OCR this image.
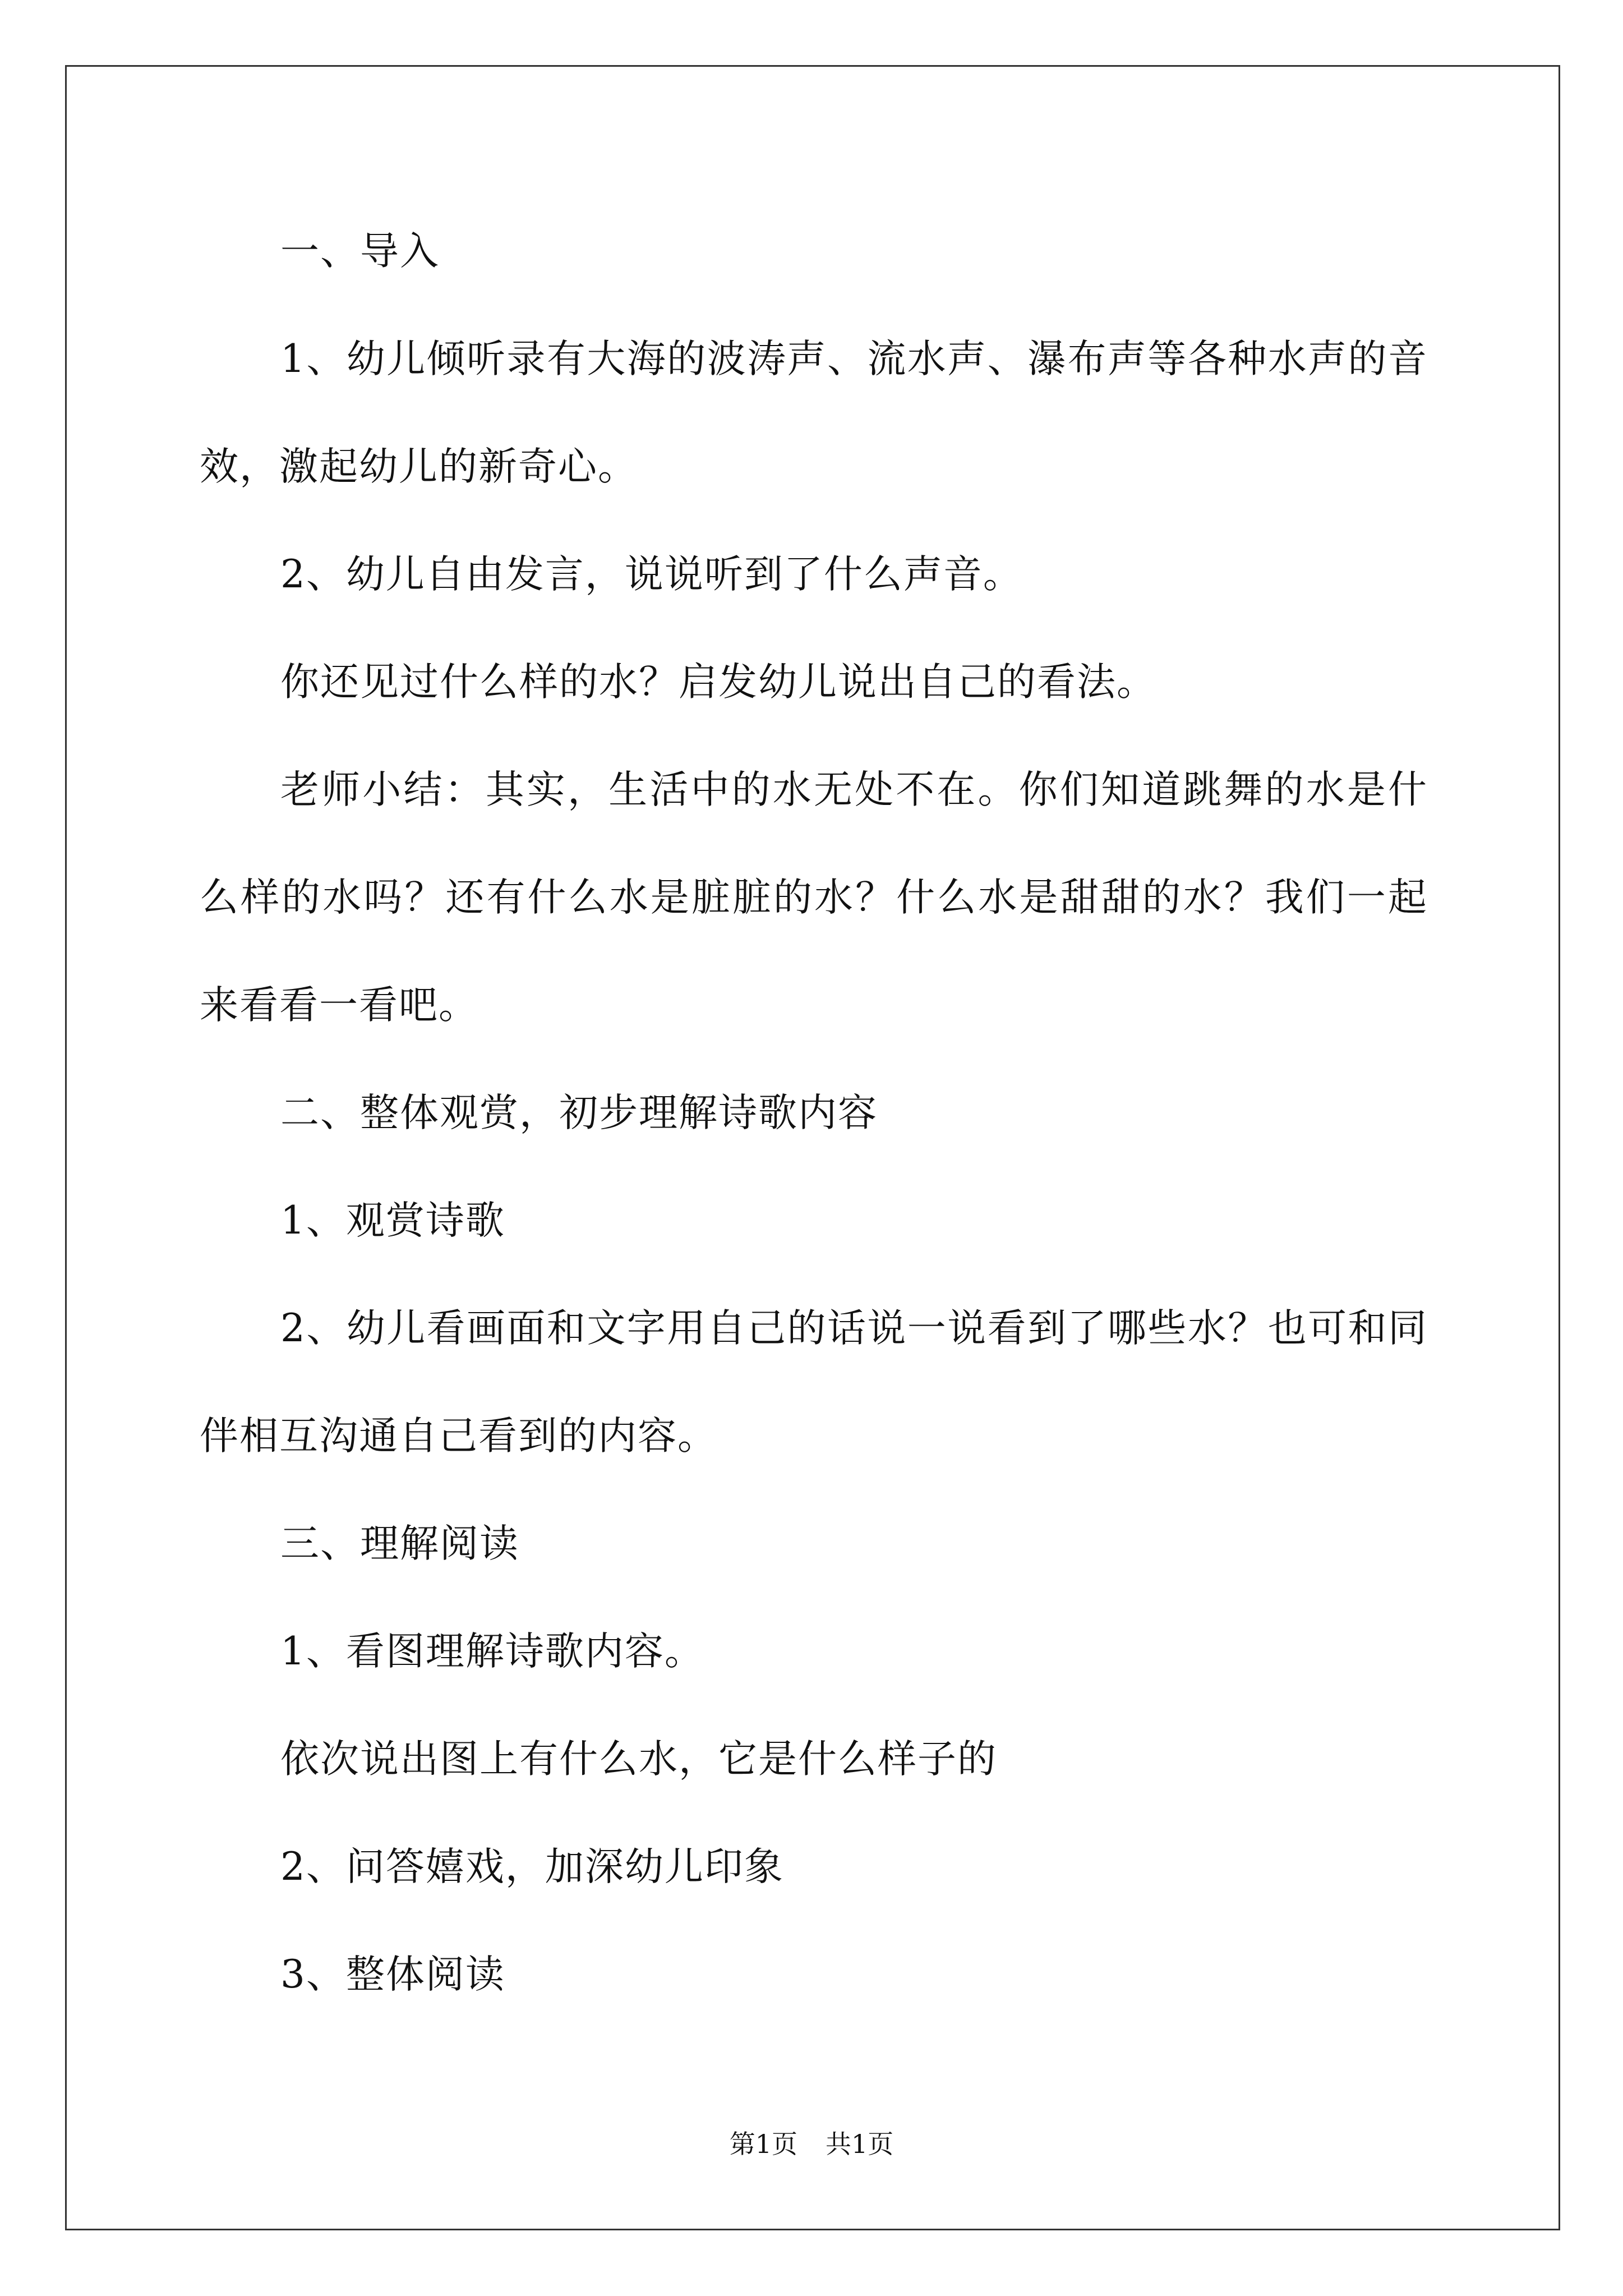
一、导入
1、幼儿倾听录有大海的波涛声、流水声、瀑布声等各种水声的音
效，激起幼儿的新奇心。
2、幼儿自由发言，说说听到了什么声音。
你还见过什么样的水？启发幼儿说出自己的看法。
老师小结：其实，生活中的水无处不在。你们知道跳舞的水是什
么样的水吗？还有什么水是脏脏的水？什么水是甜甜的水？我们一起
来看看一看吧。
二、整体观赏，初步理解诗歌内容
1、观赏诗歌
2、幼儿看画面和文字用自己的话说一说看到了哪些水？也可和同
伴相互沟通自己看到的内容。
三、理解阅读
1、看图理解诗歌内容。
依次说出图上有什么水，它是什么样子的
2、问答嬉戏，加深幼儿印象
3、整体阅读
第1页 共1页
